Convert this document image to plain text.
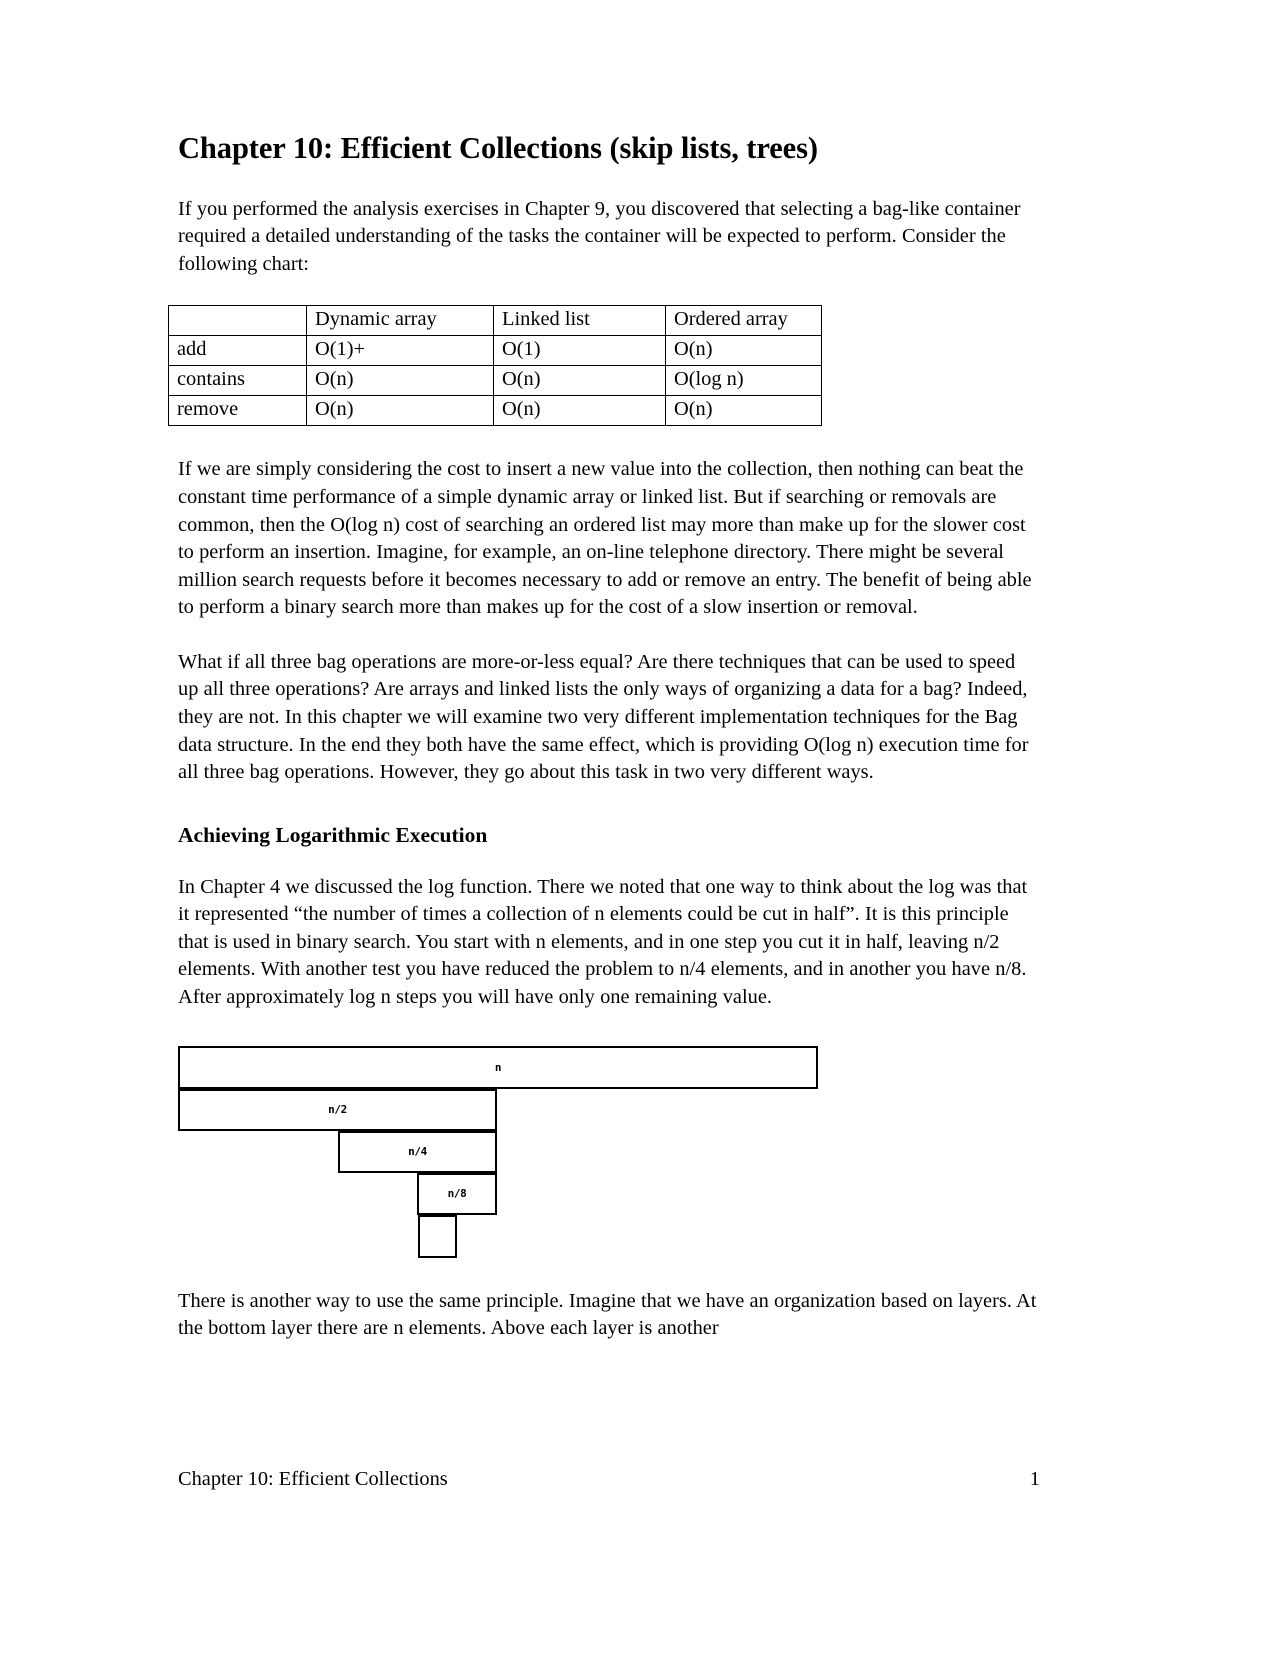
Chapter 10: Efficient Collections (skip lists, trees)

If you performed the analysis exercises in Chapter 9, you discovered that selecting a bag-like container required a detailed understanding of the tasks the container will be expected to perform. Consider the following chart:

	Dynamic array	Linked list	Ordered array
add	O(1)+	O(1)	O(n)
contains	O(n)	O(n)	O(log n)
remove	O(n)	O(n)	O(n)

If we are simply considering the cost to insert a new value into the collection, then nothing can beat the constant time performance of a simple dynamic array or linked list. But if searching or removals are common, then the O(log n) cost of searching an ordered list may more than make up for the slower cost to perform an insertion. Imagine, for example, an on-line telephone directory. There might be several million search requests before it becomes necessary to add or remove an entry. The benefit of being able to perform a binary search more than makes up for the cost of a slow insertion or removal.

What if all three bag operations are more-or-less equal? Are there techniques that can be used to speed up all three operations? Are arrays and linked lists the only ways of organizing a data for a bag? Indeed, they are not. In this chapter we will examine two very different implementation techniques for the Bag data structure. In the end they both have the same effect, which is providing O(log n) execution time for all three bag operations. However, they go about this task in two very different ways.

Achieving Logarithmic Execution

In Chapter 4 we discussed the log function. There we noted that one way to think about the log was that it represented “the number of times a collection of n elements could be cut in half”. It is this principle that is used in binary search. You start with n elements, and in one step you cut it in half, leaving n/2 elements. With another test you have reduced the problem to n/4 elements, and in another you have n/8. After approximately log n steps you will have only one remaining value.

n
n/2
n/4
n/8

There is another way to use the same principle. Imagine that we have an organization based on layers. At the bottom layer there are n elements. Above each layer is another

Chapter 10: Efficient Collections	1
